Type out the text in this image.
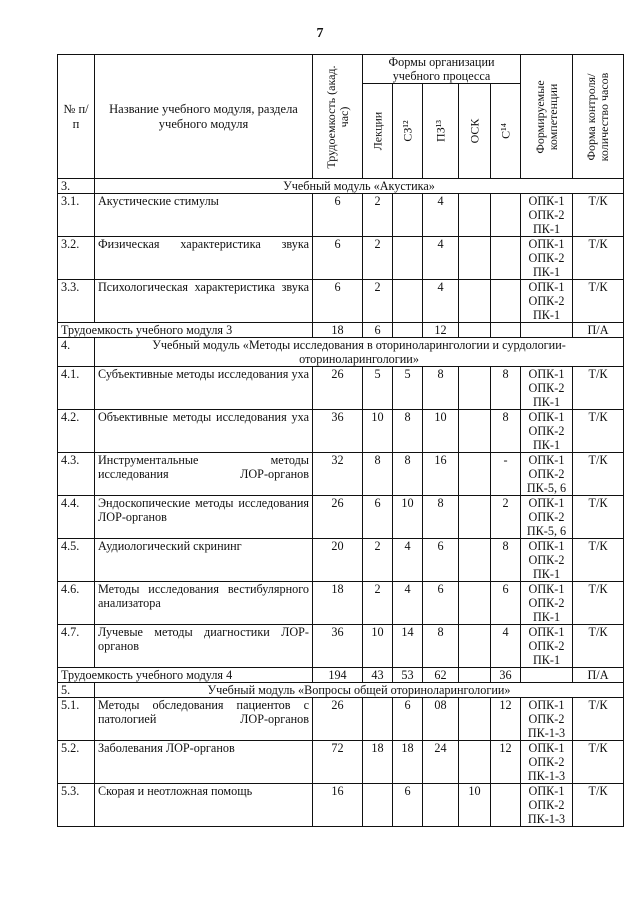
7
№ п/п	Название учебного модуля, раздела учебного модуля	Трудоемкость (акад. час)	Формы организации учебного процесса					Формируемые компетенции	Форма контроля/ количество часов

			Лекции	СЗ¹²	ПЗ¹³	ОСК	С¹⁴		

3.	Учебный модуль «Акустика»								
3.1.	Акустические стимулы	6	2		4			ОПК-1
ОПК-2
ПК-1	Т/К
3.2.	Физическая характеристика звука	6	2		4			ОПК-1
ОПК-2
ПК-1	Т/К
3.3.	Психологическая характеристика звука	6	2		4			ОПК-1
ОПК-2
ПК-1	Т/К
Трудоемкость учебного модуля 3		18	6		12				П/А
4.	Учебный модуль «Методы исследования в оториноларингологии и сурдологии-оториноларингологии»								
4.1.	Субъективные методы исследования уха	26	5	5	8		8	ОПК-1
ОПК-2
ПК-1	Т/К
4.2.	Объективные методы исследования уха	36	10	8	10		8	ОПК-1
ОПК-2
ПК-1	Т/К
4.3.	Инструментальные методы исследования ЛОР-органов	32	8	8	16		-	ОПК-1
ОПК-2
ПК-5, 6	Т/К
4.4.	Эндоскопические методы исследования ЛОР-органов	26	6	10	8		2	ОПК-1
ОПК-2
ПК-5, 6	Т/К
4.5.	Аудиологический скрининг	20	2	4	6		8	ОПК-1
ОПК-2
ПК-1	Т/К
4.6.	Методы исследования вестибулярного анализатора	18	2	4	6		6	ОПК-1
ОПК-2
ПК-1	Т/К
4.7.	Лучевые методы диагностики ЛОР-органов	36	10	14	8		4	ОПК-1
ОПК-2
ПК-1	Т/К
Трудоемкость учебного модуля 4		194	43	53	62		36		П/А
5.	Учебный модуль «Вопросы общей оториноларингологии»								
5.1.	Методы обследования пациентов с патологией ЛОР-органов	26		6	08		12	ОПК-1
ОПК-2
ПК-1-3	Т/К
5.2.	Заболевания ЛОР-органов	72	18	18	24		12	ОПК-1
ОПК-2
ПК-1-3	Т/К
5.3.	Скорая и неотложная помощь	16		6		10		ОПК-1
ОПК-2
ПК-1-3	Т/К
